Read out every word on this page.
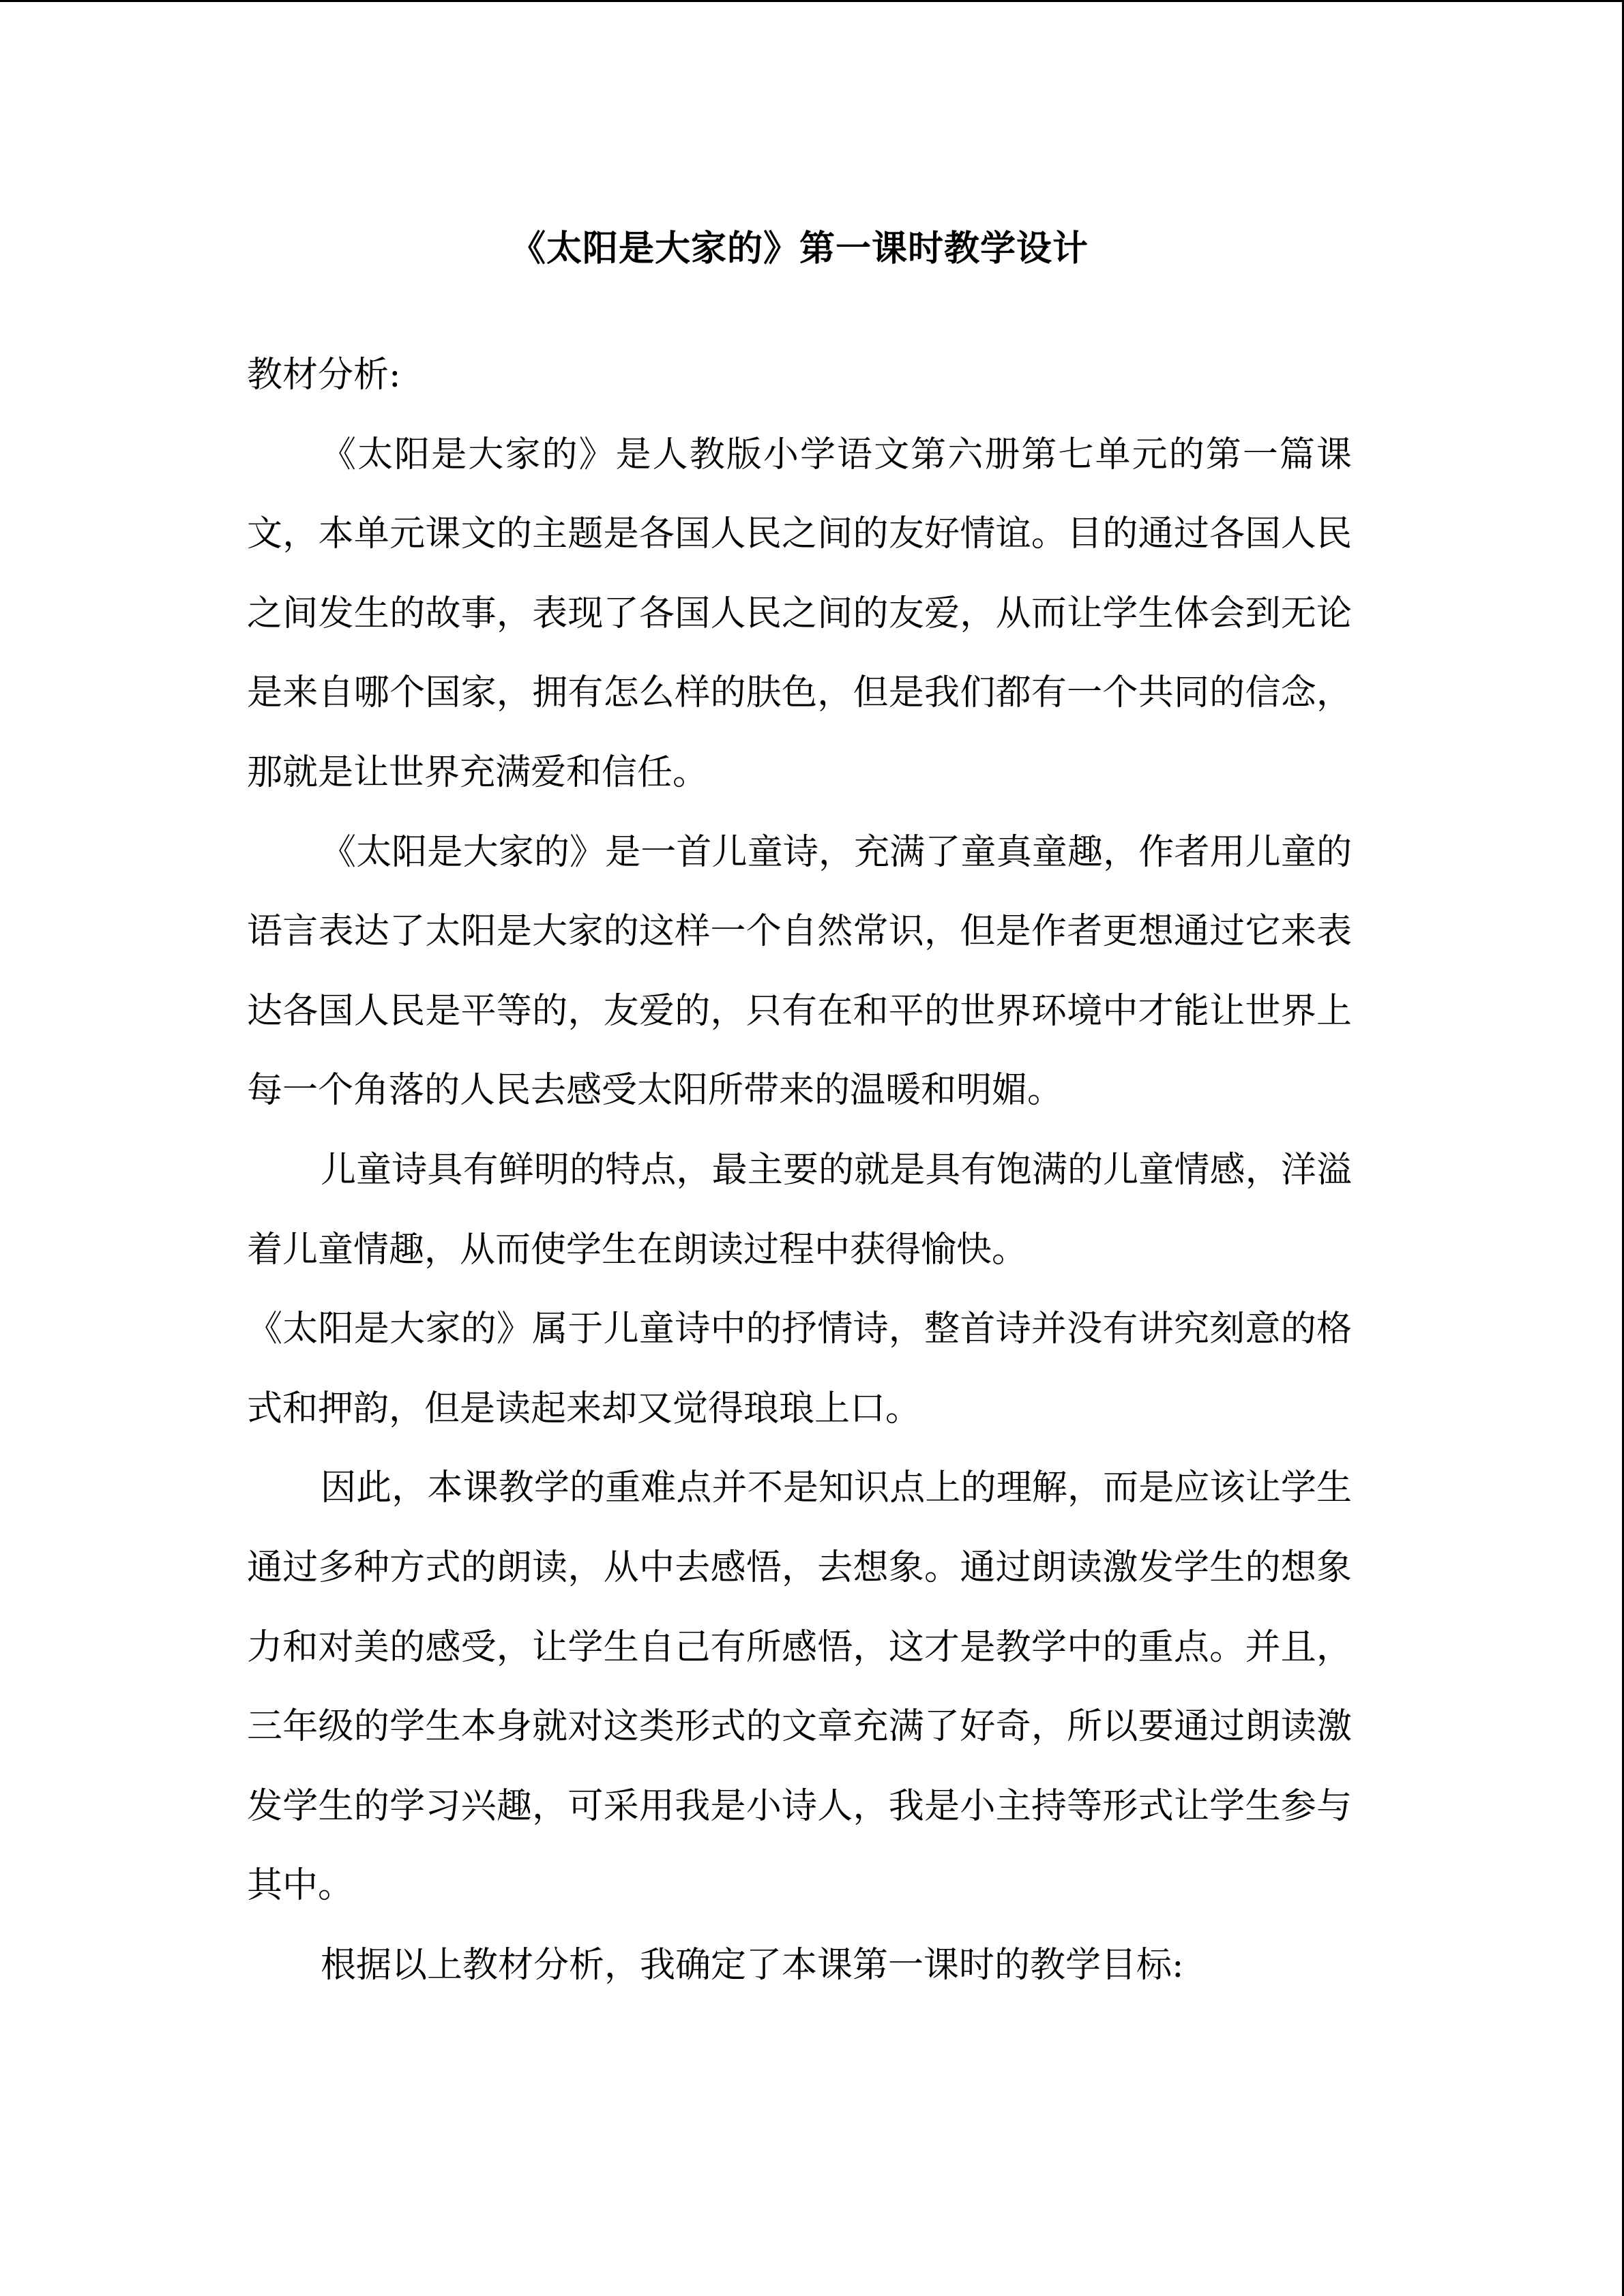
《太阳是大家的》第一课时教学设计

教材分析:

《太阳是大家的》是人教版小学语文第六册第七单元的第一篇课文，本单元课文的主题是各国人民之间的友好情谊。目的通过各国人民之间发生的故事，表现了各国人民之间的友爱，从而让学生体会到无论是来自哪个国家，拥有怎么样的肤色，但是我们都有一个共同的信念，那就是让世界充满爱和信任。

《太阳是大家的》是一首儿童诗，充满了童真童趣，作者用儿童的语言表达了太阳是大家的这样一个自然常识，但是作者更想通过它来表达各国人民是平等的，友爱的，只有在和平的世界环境中才能让世界上每一个角落的人民去感受太阳所带来的温暖和明媚。

儿童诗具有鲜明的特点，最主要的就是具有饱满的儿童情感，洋溢着儿童情趣，从而使学生在朗读过程中获得愉快。

《太阳是大家的》属于儿童诗中的抒情诗，整首诗并没有讲究刻意的格式和押韵，但是读起来却又觉得琅琅上口。

因此，本课教学的重难点并不是知识点上的理解，而是应该让学生通过多种方式的朗读，从中去感悟，去想象。通过朗读激发学生的想象力和对美的感受，让学生自己有所感悟，这才是教学中的重点。并且，三年级的学生本身就对这类形式的文章充满了好奇，所以要通过朗读激发学生的学习兴趣，可采用我是小诗人，我是小主持等形式让学生参与其中。

根据以上教材分析，我确定了本课第一课时的教学目标:
